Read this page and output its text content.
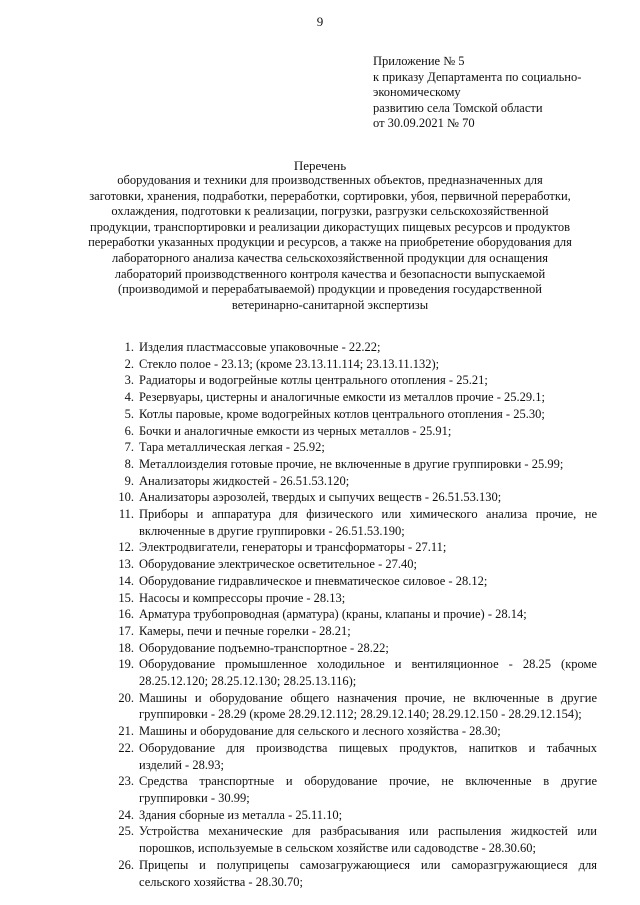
9
Приложение № 5
к приказу Департамента по социально-
экономическому
развитию села Томской области
от 30.09.2021 № 70
Перечень
оборудования и техники для производственных объектов, предназначенных для
заготовки, хранения, подработки, переработки, сортировки, убоя, первичной переработки,
охлаждения, подготовки к реализации, погрузки, разгрузки сельскохозяйственной
продукции, транспортировки и реализации дикорастущих пищевых ресурсов и продуктов
переработки указанных продукции и ресурсов, а также на приобретение оборудования для
лабораторного анализа качества сельскохозяйственной продукции для оснащения
лабораторий производственного контроля качества и безопасности выпускаемой
(производимой и перерабатываемой) продукции и проведения государственной
ветеринарно-санитарной экспертизы
1. Изделия пластмассовые упаковочные - 22.22;
2. Стекло полое - 23.13; (кроме 23.13.11.114; 23.13.11.132);
3. Радиаторы и водогрейные котлы центрального отопления - 25.21;
4. Резервуары, цистерны и аналогичные емкости из металлов прочие - 25.29.1;
5. Котлы паровые, кроме водогрейных котлов центрального отопления - 25.30;
6. Бочки и аналогичные емкости из черных металлов - 25.91;
7. Тара металлическая легкая - 25.92;
8. Металлоизделия готовые прочие, не включенные в другие группировки - 25.99;
9. Анализаторы жидкостей - 26.51.53.120;
10. Анализаторы аэрозолей, твердых и сыпучих веществ - 26.51.53.130;
11. Приборы и аппаратура для физического или химического анализа прочие, не
включенные в другие группировки - 26.51.53.190;
12. Электродвигатели, генераторы и трансформаторы - 27.11;
13. Оборудование электрическое осветительное - 27.40;
14. Оборудование гидравлическое и пневматическое силовое - 28.12;
15. Насосы и компрессоры прочие - 28.13;
16. Арматура трубопроводная (арматура) (краны, клапаны и прочие) - 28.14;
17. Камеры, печи и печные горелки - 28.21;
18. Оборудование подъемно-транспортное - 28.22;
19. Оборудование промышленное холодильное и вентиляционное - 28.25 (кроме
28.25.12.120; 28.25.12.130; 28.25.13.116);
20. Машины и оборудование общего назначения прочие, не включенные в другие
группировки - 28.29 (кроме 28.29.12.112; 28.29.12.140; 28.29.12.150 - 28.29.12.154);
21. Машины и оборудование для сельского и лесного хозяйства - 28.30;
22. Оборудование для производства пищевых продуктов, напитков и табачных
изделий - 28.93;
23. Средства транспортные и оборудование прочие, не включенные в другие
группировки - 30.99;
24. Здания сборные из металла - 25.11.10;
25. Устройства механические для разбрасывания или распыления жидкостей или
порошков, используемые в сельском хозяйстве или садоводстве - 28.30.60;
26. Прицепы и полуприцепы самозагружающиеся или саморазгружающиеся для
сельского хозяйства - 28.30.70;
